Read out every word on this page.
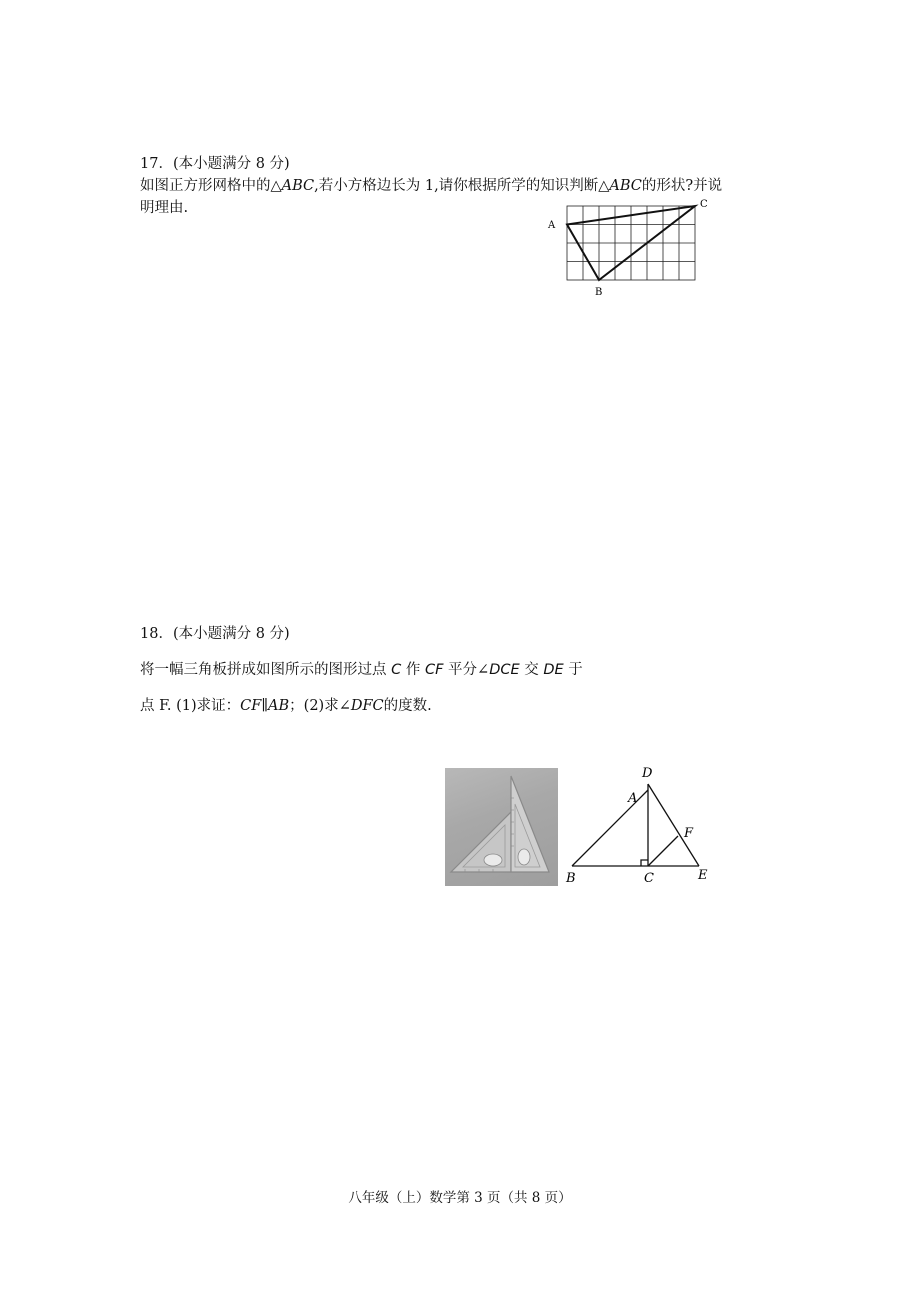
17．(本小题满分 8 分)
如图正方形网格中的△ABC,若小方格边长为 1,请你根据所学的知识判断△ABC的形状?并说
明理由.
A
C
B
18．(本小题满分 8 分)
将一幅三角板拼成如图所示的图形过点 C 作 CF 平分∠DCE 交 DE 于
点 F. (1)求证：CF∥AB；(2)求∠DFC的度数.
D
A
F
B	C	E
八年级（上）数学第 3 页（共 8 页）
